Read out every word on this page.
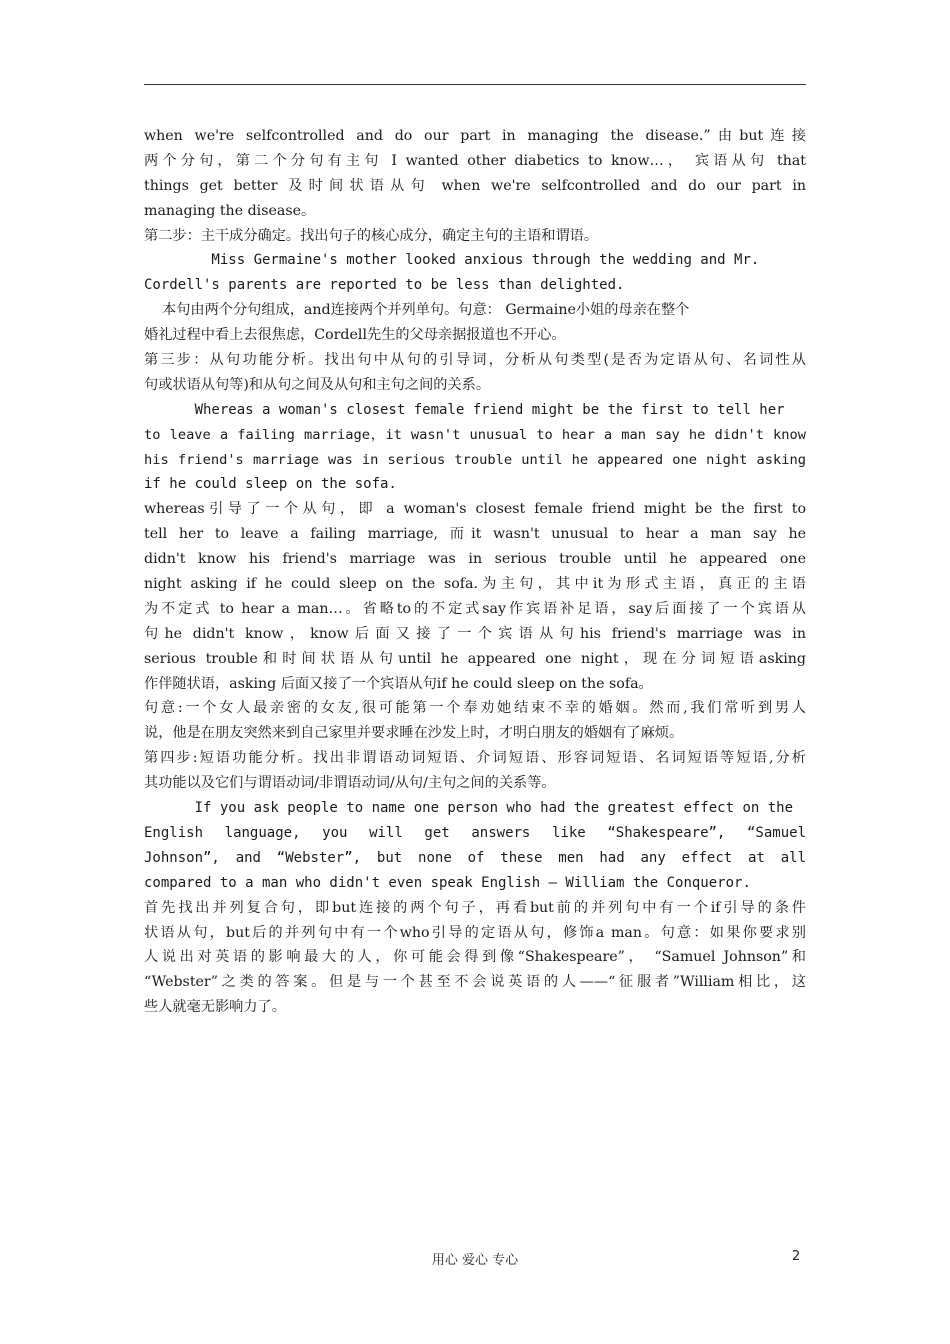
when we're selfcontrolled and do our part in managing the disease.”由but连接
两个分句，第二个分句有主句 I wanted other diabetics to know…， 宾语从句 that
things get better 及时间状语从句 when we're selfcontrolled and do our part in
managing the disease。
第二步：主干成分确定。找出句子的核心成分，确定主句的主语和谓语。
Miss Germaine's mother looked anxious through the wedding and Mr.
Cordell's parents are reported to be less than delighted.
本句由两个分句组成，and连接两个并列单句。句意： Germaine小姐的母亲在整个
婚礼过程中看上去很焦虑，Cordell先生的父母亲据报道也不开心。
第三步：从句功能分析。找出句中从句的引导词，分析从句类型(是否为定语从句、名词性从
句或状语从句等)和从句之间及从句和主句之间的关系。
Whereas a woman's closest female friend might be the first to tell her
to leave a failing marriage，it wasn't unusual to hear a man say he didn't know
his friend's marriage was in serious trouble until he appeared one night asking
if he could sleep on the sofa.
whereas引导了一个从句，即 a woman's closest female friend might be the first to
tell her to leave a failing marriage, 而it wasn't unusual to hear a man say he
didn't know his friend's marriage was in serious trouble until he appeared one
night asking if he could sleep on the sofa.为主句，其中it为形式主语，真正的主语
为不定式 to hear a man…。省略to的不定式say作宾语补足语，say后面接了一个宾语从
句he didn't know，know后面又接了一个宾语从句his friend's marriage was in
serious trouble和时间状语从句until he appeared one night，现在分词短语asking
作伴随状语，asking 后面又接了一个宾语从句if he could sleep on the sofa。
句意:一个女人最亲密的女友,很可能第一个奉劝她结束不幸的婚姻。然而,我们常听到男人
说，他是在朋友突然来到自己家里并要求睡在沙发上时，才明白朋友的婚姻有了麻烦。
第四步:短语功能分析。找出非谓语动词短语、介词短语、形容词短语、名词短语等短语,分析
其功能以及它们与谓语动词/非谓语动词/从句/主句之间的关系等。
If you ask people to name one person who had the greatest effect on the
English language, you will get answers like “Shakespeare”, “Samuel
Johnson”, and “Webster”, but none of these men had any effect at all
compared to a man who didn't even speak English — William the Conqueror.
首先找出并列复合句，即but连接的两个句子，再看but前的并列句中有一个if引导的条件
状语从句，but后的并列句中有一个who引导的定语从句，修饰a man。句意：如果你要求别
人说出对英语的影响最大的人，你可能会得到像“Shakespeare”， “Samuel Johnson”和
“Webster”之类的答案。但是与一个甚至不会说英语的人——“征服者”William相比，这
些人就毫无影响力了。
用心 爱心 专心	2
